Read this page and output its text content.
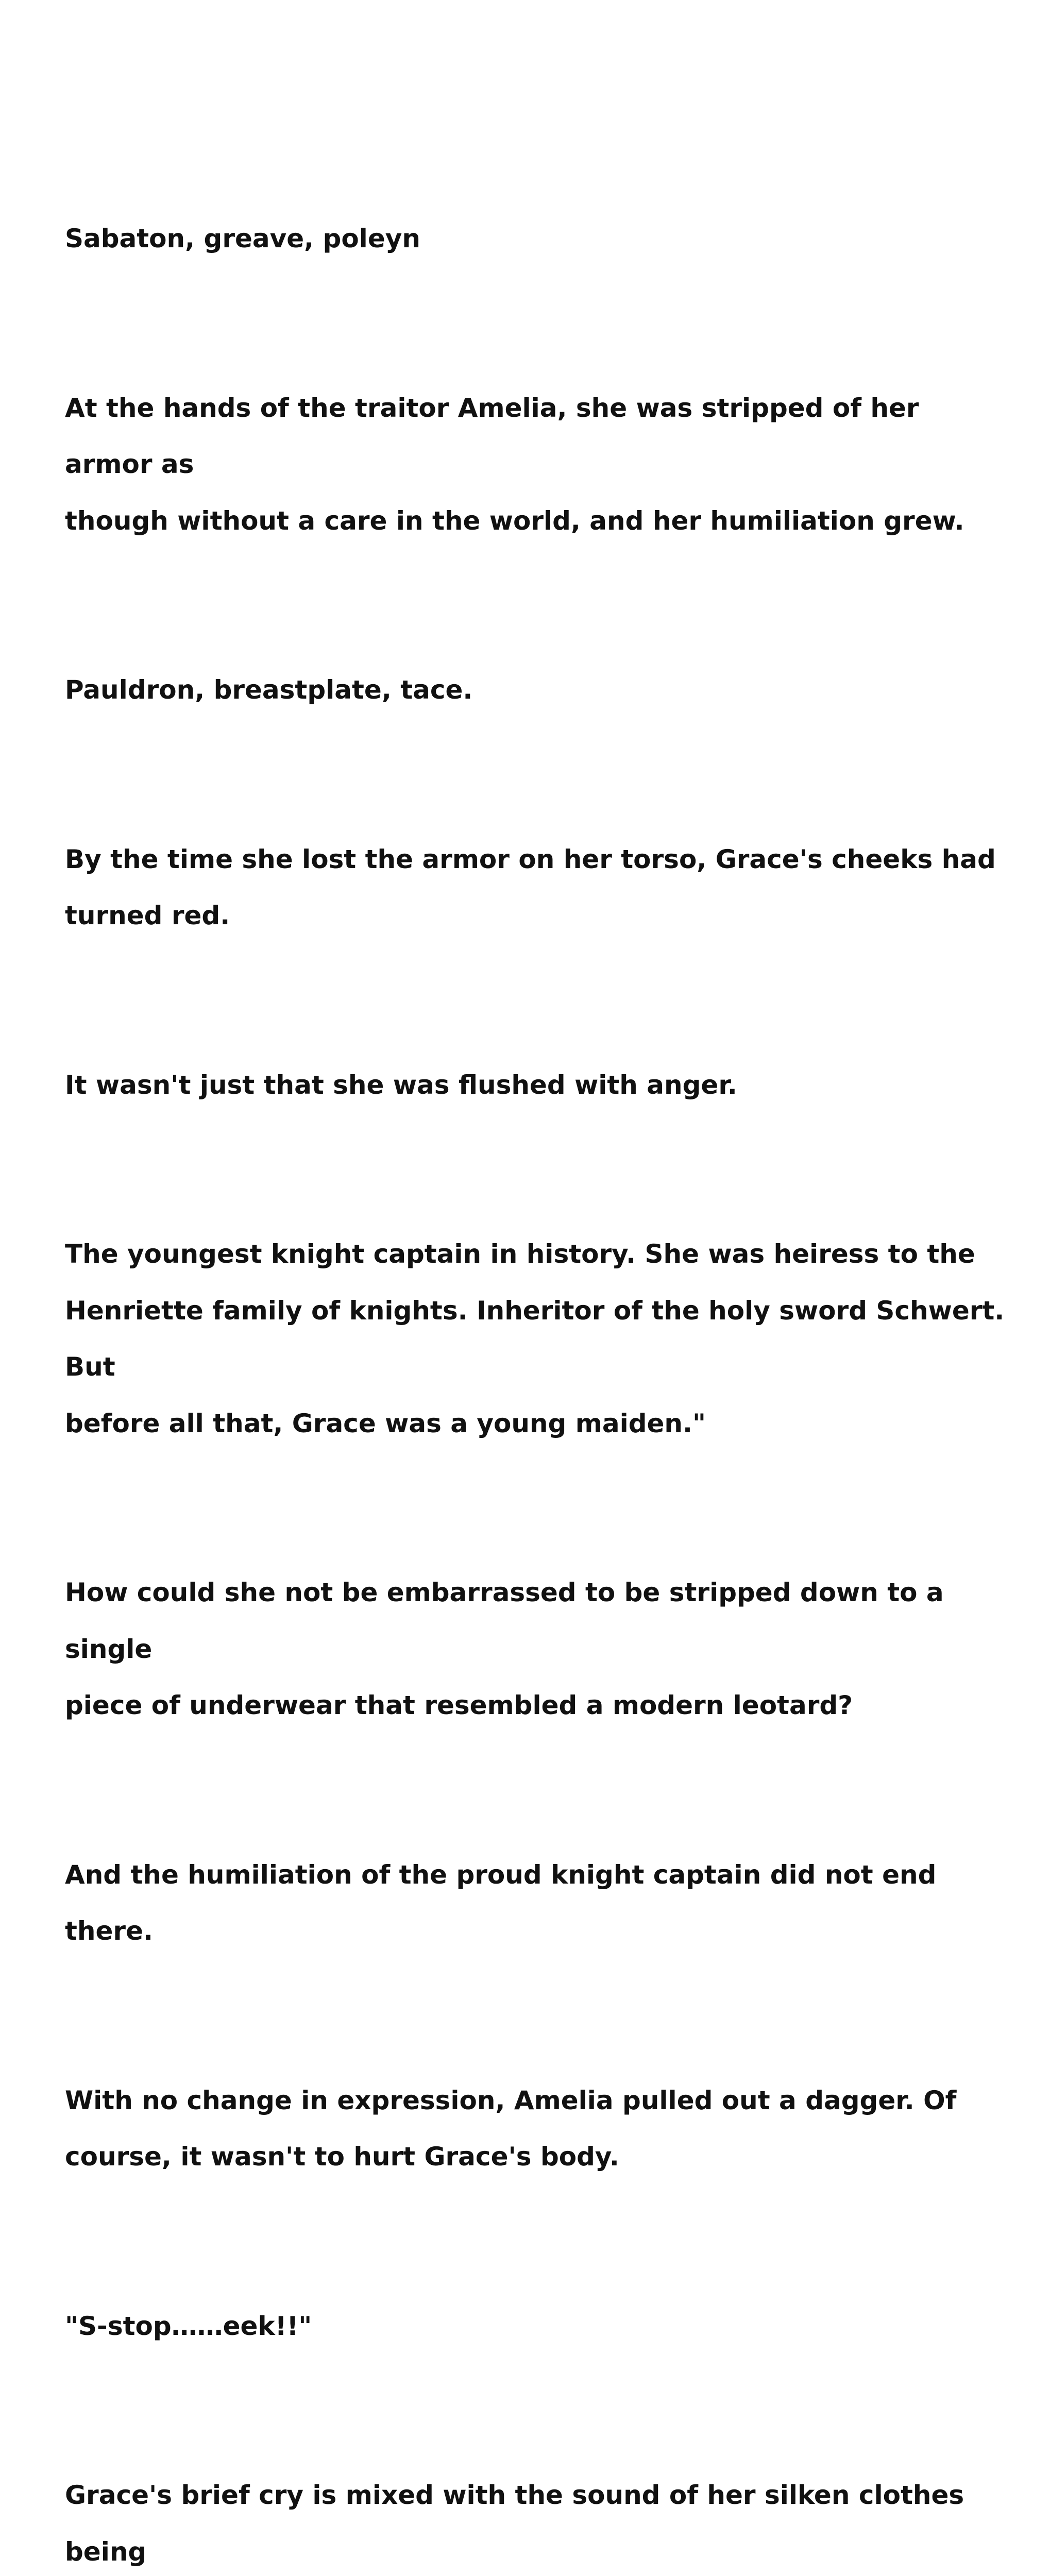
Sabaton, greave, poleyn

At the hands of the traitor Amelia, she was stripped of her armor as
though without a care in the world, and her humiliation grew.

Pauldron, breastplate, tace.

By the time she lost the armor on her torso, Grace's cheeks had
turned red.

It wasn't just that she was flushed with anger.

The youngest knight captain in history. She was heiress to the
Henriette family of knights. Inheritor of the holy sword Schwert. But
before all that, Grace was a young maiden."

How could she not be embarrassed to be stripped down to a single
piece of underwear that resembled a modern leotard?

And the humiliation of the proud knight captain did not end there.

With no change in expression, Amelia pulled out a dagger. Of
course, it wasn't to hurt Grace's body.

"S-stop……eek!!"

Grace's brief cry is mixed with the sound of her silken clothes being
